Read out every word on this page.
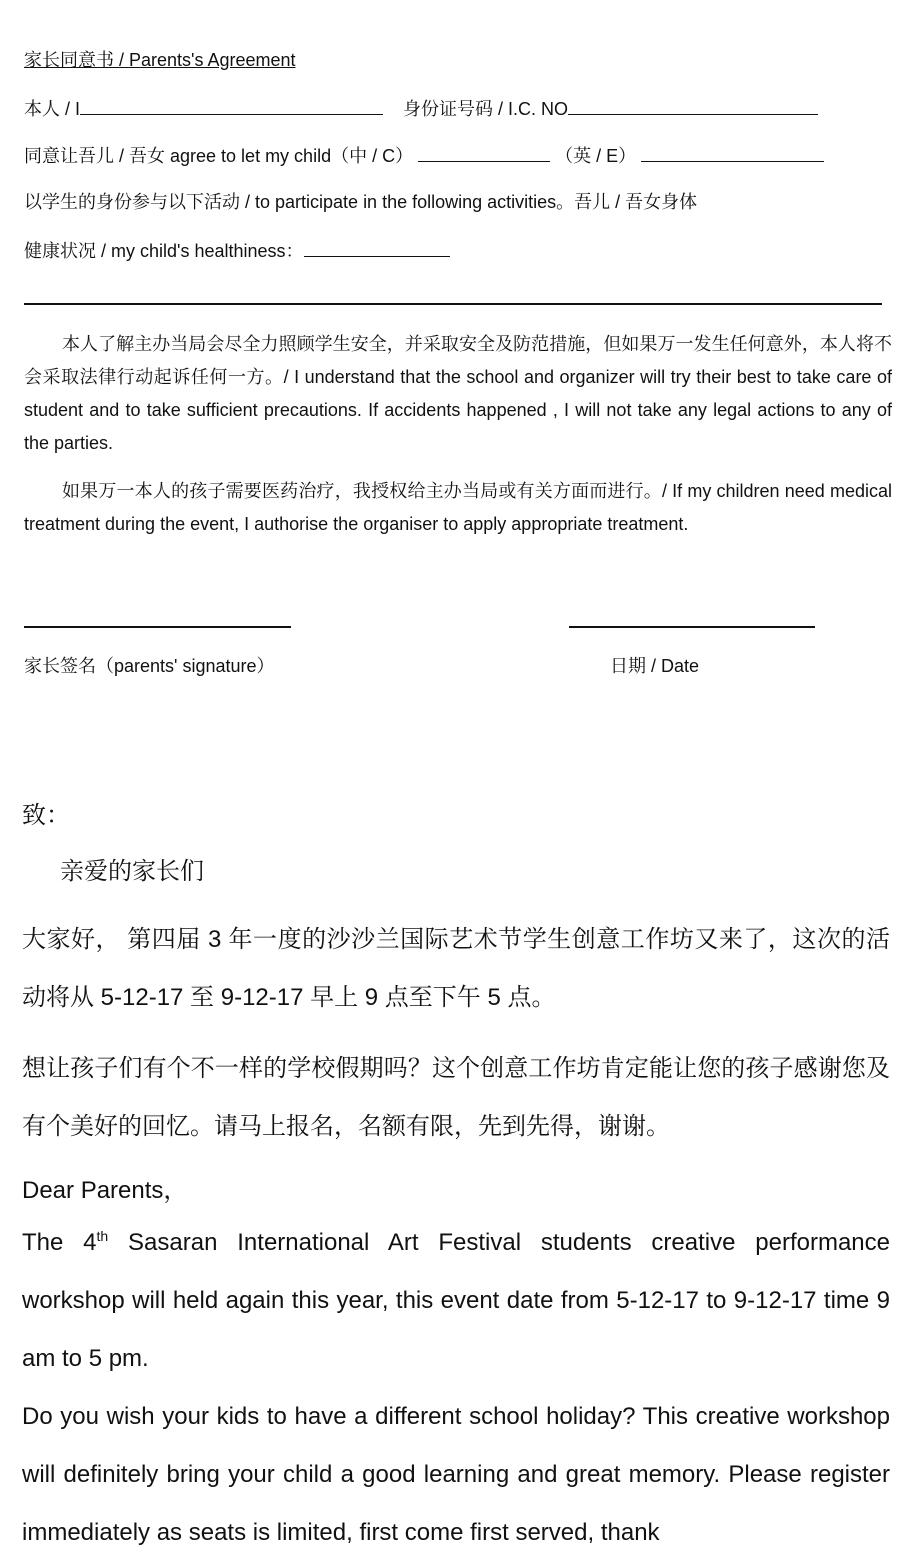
家长同意书 / Parents's Agreement
本人 / I	身份证号码 / I.C. NO
同意让吾儿 / 吾女 agree to let my child（中 / C）	（英 / E）
以学生的身份参与以下活动 / to participate in the following activities。吾儿 / 吾女身体
健康状况 / my child's healthiness：
本人了解主办当局会尽全力照顾学生安全，并采取安全及防范措施，但如果万一发生任何意外，本人将不会采取法律行动起诉任何一方。/ I understand that the school and organizer will try their best to take care of student and to take sufficient precautions. If accidents happened , I will not take any legal actions to any of the parties.
如果万一本人的孩子需要医药治疗，我授权给主办当局或有关方面而进行。/ If my children need medical treatment during the event, I authorise the organiser to apply appropriate treatment.
家长签名（parents' signature）	日期 / Date
致：
亲爱的家长们
大家好， 第四届 3 年一度的沙沙兰国际艺术节学生创意工作坊又来了，这次的活动将从 5-12-17 至 9-12-17 早上 9 点至下午 5 点。
想让孩子们有个不一样的学校假期吗？这个创意工作坊肯定能让您的孩子感谢您及有个美好的回忆。请马上报名，名额有限，先到先得，谢谢。
Dear Parents，
The 4th Sasaran International Art Festival students creative performance workshop will held again this year, this event date from 5-12-17 to 9-12-17 time 9 am to 5 pm.
Do you wish your kids to have a different school holiday? This creative workshop will definitely bring your child a good learning and great memory. Please register immediately as seats is limited, first come first served, thank
